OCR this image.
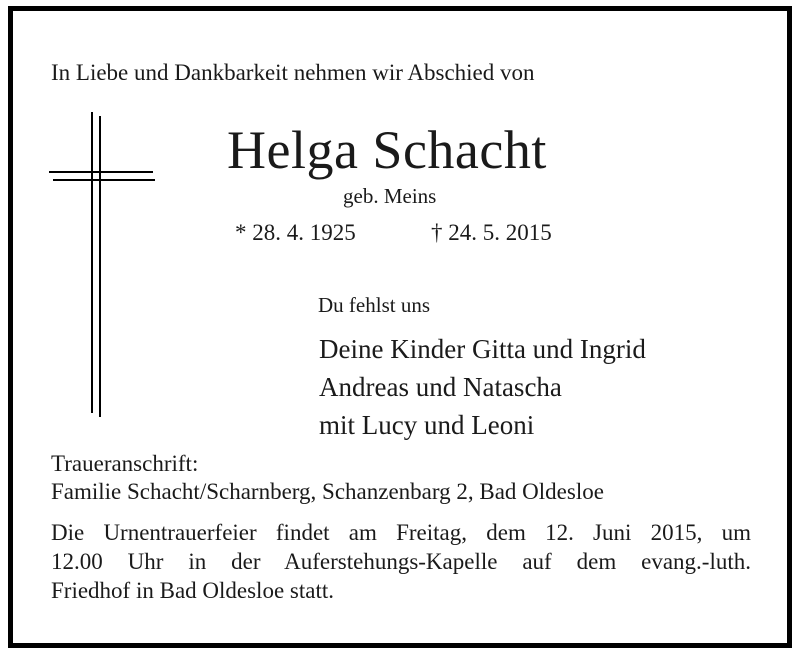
In Liebe und Dankbarkeit nehmen wir Abschied von
Helga Schacht
geb. Meins
* 28. 4. 1925	† 24. 5. 2015
Du fehlst uns
Deine Kinder Gitta und Ingrid
Andreas und Natascha
mit Lucy und Leoni
Traueranschrift:
Familie Schacht/Scharnberg, Schanzenbarg 2, Bad Oldesloe
Die Urnentrauerfeier findet am Freitag, dem 12. Juni 2015, um
12.00 Uhr in der Auferstehungs-Kapelle auf dem evang.-luth.
Friedhof in Bad Oldesloe statt.
